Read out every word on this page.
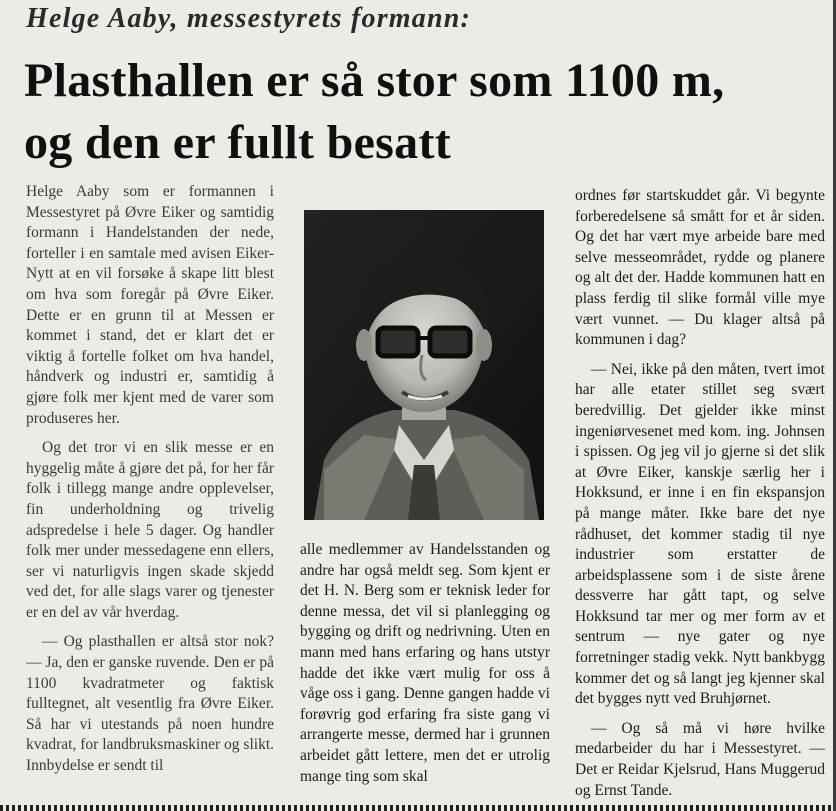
Helge Aaby, messestyrets formann:
Plasthallen er så stor som 1100 m,
og den er fullt besatt

Helge Aaby som er formannen i Messestyret på Øvre Eiker og samtidig formann i Handelstanden der nede, forteller i en samtale med avisen Eiker-Nytt at en vil forsøke å skape litt blest om hva som foregår på Øvre Eiker. Dette er en grunn til at Messen er kommet i stand, det er klart det er viktig å fortelle folket om hva handel, håndverk og industri er, samtidig å gjøre folk mer kjent med de varer som produseres her.

Og det tror vi en slik messe er en hyggelig måte å gjøre det på, for her får folk i tillegg mange andre opplevelser, fin underholdning og trivelig adspredelse i hele 5 dager. Og handler folk mer under messedagene enn ellers, ser vi naturligvis ingen skade skjedd ved det, for alle slags varer og tjenester er en del av vår hverdag.

— Og plasthallen er altså stor nok? — Ja, den er ganske ruvende. Den er på 1100 kvadratmeter og faktisk fulltegnet, alt vesentlig fra Øvre Eiker. Så har vi utestands på noen hundre kvadrat, for landbruksmaskiner og slikt. Innbydelse er sendt til

alle medlemmer av Handelsstanden og andre har også meldt seg. Som kjent er det H. N. Berg som er teknisk leder for denne messa, det vil si planlegging og bygging og drift og nedrivning. Uten en mann med hans erfaring og hans utstyr hadde det ikke vært mulig for oss å våge oss i gang. Denne gangen hadde vi forøvrig god erfaring fra siste gang vi arrangerte messe, dermed har i grunnen arbeidet gått lettere, men det er utrolig mange ting som skal

ordnes før startskuddet går. Vi begynte forberedelsene så smått for et år siden. Og det har vært mye arbeide bare med selve messeområdet, rydde og planere og alt det der. Hadde kommunen hatt en plass ferdig til slike formål ville mye vært vunnet. — Du klager altså på kommunen i dag?

— Nei, ikke på den måten, tvert imot har alle etater stillet seg svært beredvillig. Det gjelder ikke minst ingeniørvesenet med kom. ing. Johnsen i spissen. Og jeg vil jo gjerne si det slik at Øvre Eiker, kanskje særlig her i Hokksund, er inne i en fin ekspansjon på mange måter. Ikke bare det nye rådhuset, det kommer stadig til nye industrier som erstatter de arbeidsplassene som i de siste årene dessverre har gått tapt, og selve Hokksund tar mer og mer form av et sentrum — nye gater og nye forretninger stadig vekk. Nytt bankbygg kommer det og så langt jeg kjenner skal det bygges nytt ved Bruhjørnet.

— Og så må vi høre hvilke medarbeider du har i Messestyret. — Det er Reidar Kjelsrud, Hans Muggerud og Ernst Tande.
